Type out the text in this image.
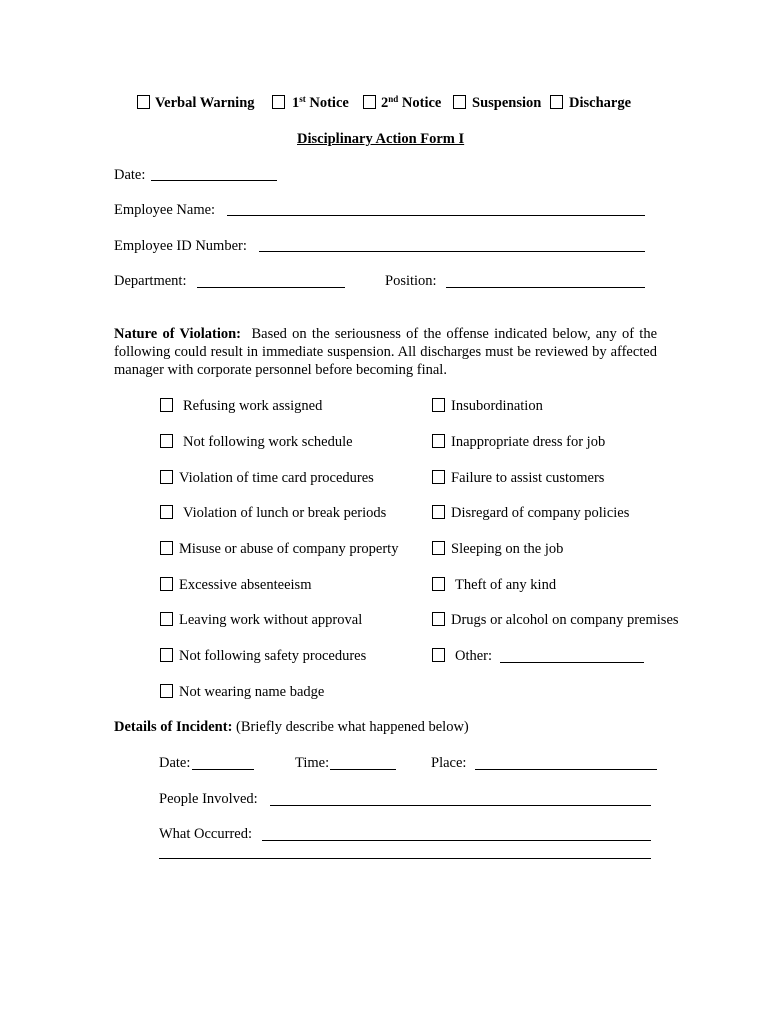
Verbal Warning	1st Notice 2nd Notice Suspension Discharge
Disciplinary Action Form I
Date:
Employee Name:
Employee ID Number:
Department:	Position:
Nature of Violation: Based on the seriousness of the offense indicated below, any of the following could result in immediate suspension. All discharges must be reviewed by affected manager with corporate personnel before becoming final.
Refusing work assigned
Not following work schedule
Violation of time card procedures
Violation of lunch or break periods
Misuse or abuse of company property
Excessive absenteeism
Leaving work without approval
Not following safety procedures
Not wearing name badge
Insubordination
Inappropriate dress for job
Failure to assist customers
Disregard of company policies
Sleeping on the job
Theft of any kind
Drugs or alcohol on company premises
Other:
Details of Incident: (Briefly describe what happened below)
Date:	Time:	Place:
People Involved:
What Occurred:
